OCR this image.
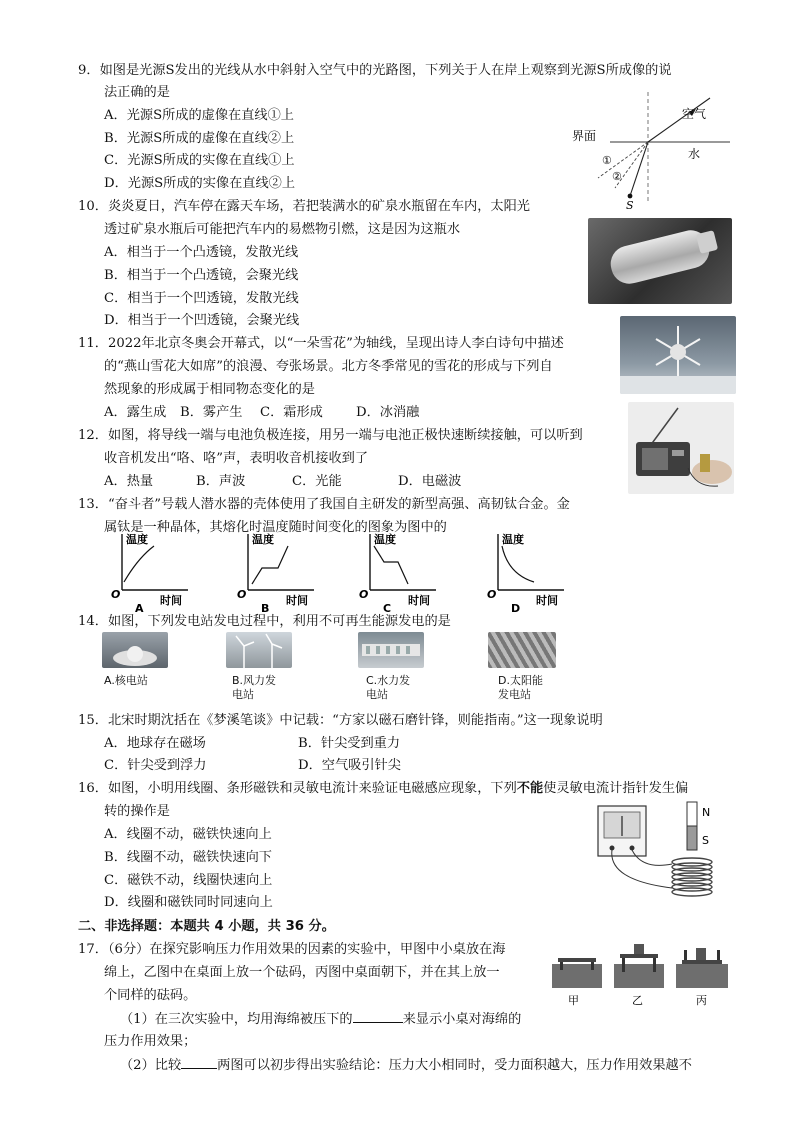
9．如图是光源S发出的光线从水中斜射入空气中的光路图，下列关于人在岸上观察到光源S所成像的说
法正确的是
A．光源S所成的虚像在直线①上
B．光源S所成的虚像在直线②上
C．光源S所成的实像在直线①上
D．光源S所成的实像在直线②上
界面
空气
水
①
②
S
10．炎炎夏日，汽车停在露天车场，若把装满水的矿泉水瓶留在车内，太阳光
透过矿泉水瓶后可能把汽车内的易燃物引燃，这是因为这瓶水
A．相当于一个凸透镜，发散光线
B．相当于一个凸透镜，会聚光线
C．相当于一个凹透镜，发散光线
D．相当于一个凹透镜，会聚光线
11．2022年北京冬奥会开幕式，以“一朵雪花”为轴线，呈现出诗人李白诗句中描述
的“燕山雪花大如席”的浪漫、夸张场景。北方冬季常见的雪花的形成与下列自
然现象的形成属于相同物态变化的是
A．露生成 B．雾产生 C．霜形成	D．冰消融
12．如图，将导线一端与电池负极连接，用另一端与电池正极快速断续接触，可以听到
收音机发出“咯、咯”声，表明收音机接收到了
A．热量	B．声波	C．光能	D．电磁波
13．“奋斗者”号载人潜水器的壳体使用了我国自主研发的新型高强、高韧钛合金。金
属钛是一种晶体，其熔化时温度随时间变化的图象为图中的
温度
时间
O
A
温度
时间
O
B
温度
时间
O
C
温度
时间
O
D
14．如图，下列发电站发电过程中，利用不可再生能源发电的是
A.核电站	B.风力发
电站
C.水力发
电站
D.太阳能
发电站
15．北宋时期沈括在《梦溪笔谈》中记载：“方家以磁石磨针锋，则能指南。”这一现象说明
A．地球存在磁场	B．针尖受到重力
C．针尖受到浮力	D．空气吸引针尖
16．如图，小明用线圈、条形磁铁和灵敏电流计来验证电磁感应现象，下列不能使灵敏电流计指针发生偏
转的操作是
A．线圈不动，磁铁快速向上
B．线圈不动，磁铁快速向下
C．磁铁不动，线圈快速向上
D．线圈和磁铁同时同速向上
N
S
二、非选择题：本题共 4 小题，共 36 分。
17．（6分）在探究影响压力作用效果的因素的实验中，甲图中小桌放在海
绵上，乙图中在桌面上放一个砝码，丙图中桌面朝下，并在其上放一
个同样的砝码。
（1）在三次实验中，均用海绵被压下的	来显示小桌对海绵的
压力作用效果；
（2）比较	两图可以初步得出实验结论：压力大小相同时，受力面积越大，压力作用效果越不
甲	乙	丙
